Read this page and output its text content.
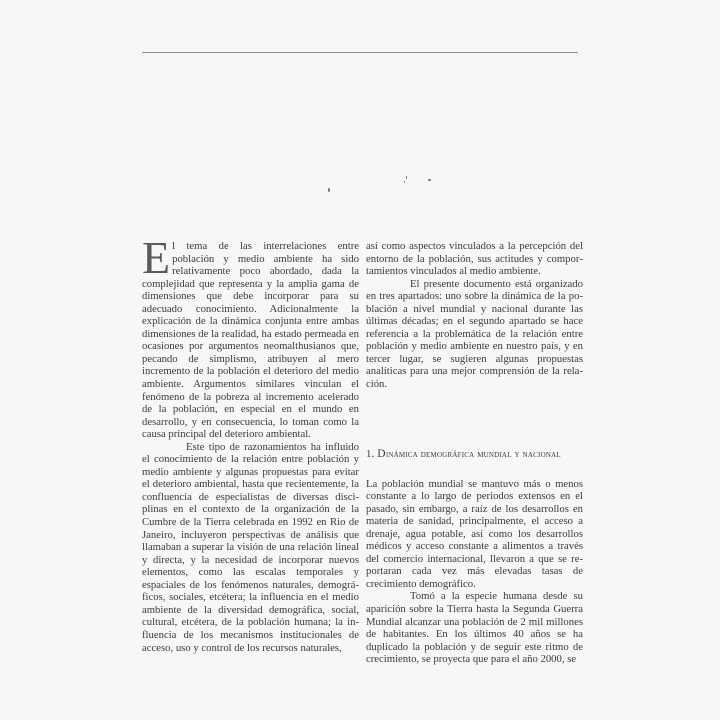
El tema de las interrelaciones entre población y medio ambiente ha sido relativamente poco abordado, dada la complejidad que representa y la amplia gama de dimensiones que debe incorporar para su adecuado conocimiento. Adicionalmente la explicación de la dinámica conjunta entre ambas dimensiones de la realidad, ha estado permeada en ocasiones por argumentos neomalthusianos que, pecando de simplismo, atribuyen al mero incremento de la población el deterioro del medio ambiente. Argumentos similares vinculan el fenómeno de la pobreza al incremento acelerado de la población, en especial en el mundo en desarrollo, y en consecuencia, lo toman como la causa principal del deterioro ambiental.

Este tipo de razonamientos ha influido el conocimiento de la relación entre población y medio ambiente y algunas propuestas para evitar el deterioro ambiental, hasta que recientemente, la confluencia de especialistas de diversas disciplinas en el contexto de la organización de la Cumbre de la Tierra celebrada en 1992 en Rio de Janeiro, incluyeron perspectivas de análisis que llamaban a superar la visión de una relación lineal y directa, y la necesidad de incorporar nuevos elementos, como las escalas temporales y espaciales de los fenómenos naturales, demográficos, sociales, etcétera; la influencia en el medio ambiente de la diversidad demográfica, social, cultural, etcétera, de la población humana; la influencia de los mecanismos institucionales de acceso, uso y control de los recursos naturales,

así como aspectos vinculados a la percepción del entorno de la población, sus actitudes y comportamientos vinculados al medio ambiente.

El presente documento está organizado en tres apartados: uno sobre la dinámica de la población a nivel mundial y nacional durante las últimas décadas; en el segundo apartado se hace referencia a la problemática de la relación entre población y medio ambiente en nuestro país, y en tercer lugar, se sugieren algunas propuestas analíticas para una mejor comprensión de la relación.

1. Dinámica demográfica mundial y nacional

La población mundial se mantuvo más o menos constante a lo largo de periodos extensos en el pasado, sin embargo, a raíz de los desarrollos en materia de sanidad, principalmente, el acceso a drenaje, agua potable, así como los desarrollos médicos y acceso constante a alimentos a través del comercio internacional, llevaron a que se reportaran cada vez más elevadas tasas de crecimiento demográfico.

Tomó a la especie humana desde su aparición sobre la Tierra hasta la Segunda Guerra Mundial alcanzar una población de 2 mil millones de habitantes. En los últimos 40 años se ha duplicado la población y de seguir este ritmo de crecimiento, se proyecta que para el año 2000, se
